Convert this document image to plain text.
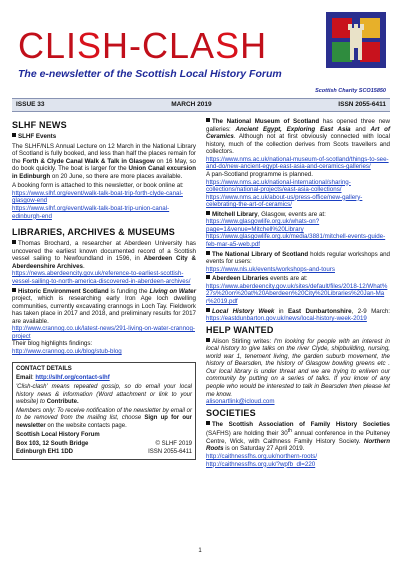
CLISH-CLASH
The e-newsletter of the Scottish Local History Forum
Scottish Charity SCO15850
ISSUE 33	MARCH 2019	ISSN 2055-6411
SLHF NEWS

SLHF Events

The SLHF/NLS Annual Lecture on 12 March in the National Library of Scotland is fully booked, and less than half the places remain for the Forth & Clyde Canal Walk & Talk in Glasgow on 16 May, so do book quickly. The boat is larger for the Union Canal excursion in Edinburgh on 20 June, so there are more places available.

A booking form is attached to this newsletter, or book online at:
https://www.slhf.org/event/walk-talk-boat-trip-forth-clyde-canal-glasgow-end
https://www.slhf.org/event/walk-talk-boat-trip-union-canal-edinburgh-end

LIBRARIES, ARCHIVES & MUSEUMS

Thomas Brochard, a researcher at Aberdeen University has uncovered the earliest known documented record of a Scottish vessel sailing to Newfoundland in 1596, in Aberdeen City & Aberdeenshire Archives.
https://news.aberdeencity.gov.uk/reference-to-earliest-scottish-vessel-sailing-to-north-america-discovered-in-aberdeen-archives/

Historic Environment Scotland is funding the Living on Water project, which is researching early Iron Age loch dwelling communities, currently excavating crannogs in Loch Tay. Fieldwork has taken place in 2017 and 2018, and preliminary results for 2017 are available.
http://www.crannog.co.uk/latest-news/291-living-on-water-crannog-project
Their blog highlights findings:
http://www.crannog.co.uk/blog/stub-blog

CONTACT DETAILS

Email: http://slhf.org/contact-slhf

'Clish-clash' means repeated gossip, so do email your local history news & information (Word attachment or link to your website) to Contribute.

Members only: To receive notification of the newsletter by email or to be removed from the mailing list, choose Sign up for our newsletter on the website contacts page.

Scottish Local History Forum

Box 103, 12 South Bridge	© SLHF 2019
Edinburgh EH1 1DD	ISSN 2055-6411

The National Museum of Scotland has opened three new galleries: Ancient Egypt, Exploring East Asia and Art of Ceramics. Although not at first obviously connected with local history, much of the collection derives from Scots travellers and collectors.
https://www.nms.ac.uk/national-museum-of-scotland/things-to-see-and-do/new-ancient-egypt-east-asia-and-ceramics-galleries/
A pan-Scotland programme is planned.
https://www.nms.ac.uk/national-international/sharing-collections/national-projects/east-asia-collections/
https://www.nms.ac.uk/about-us/press-office/new-gallery-celebrating-the-art-of-ceramics/

Mitchell Library, Glasgow, events are at:
https://www.glasgowlife.org.uk/whats-on?page=1&venue=Mitchell%20Library
https://www.glasgowlife.org.uk/media/3881/mitchell-events-guide-feb-mar-a5-web.pdf

The National Library of Scotland holds regular workshops and events for users:
https://www.nls.uk/events/workshops-and-tours

Aberdeen Libraries events are at:
https://www.aberdeencity.gov.uk/sites/default/files/2018-12/What%27s%20on%20at%20Aberdeen%20City%20Libraries%20Jan-Mar%2019.pdf

Local History Week in East Dunbartonshire, 2-9 March: https://eastdunbarton.gov.uk/news/local-history-week-2019

HELP WANTED

Alison Stirling writes: I'm looking for people with an interest in local history to give talks on the river Clyde, shipbuilding, nursing, world war 1, tenement living, the garden suburb movement, the history of Bearsden, the history of Glasgow bowling greens etc . Our local library is under threat and we are trying to enliven our community by putting on a series of talks. If you know of any people who would be interested to talk in Bearsden then please let me know.
alisonartlink@icloud.com

SOCIETIES

The Scottish Association of Family History Societies (SAFHS) are holding their 30th annual conference in the Pulteney Centre, Wick, with Caithness Family History Society. Northern Roots is on Saturday 27 April 2019.
http://caithnessfhs.org.uk/northern-roots/
http://caithnessfhs.org.uk/?wpfb_dl=220

1
